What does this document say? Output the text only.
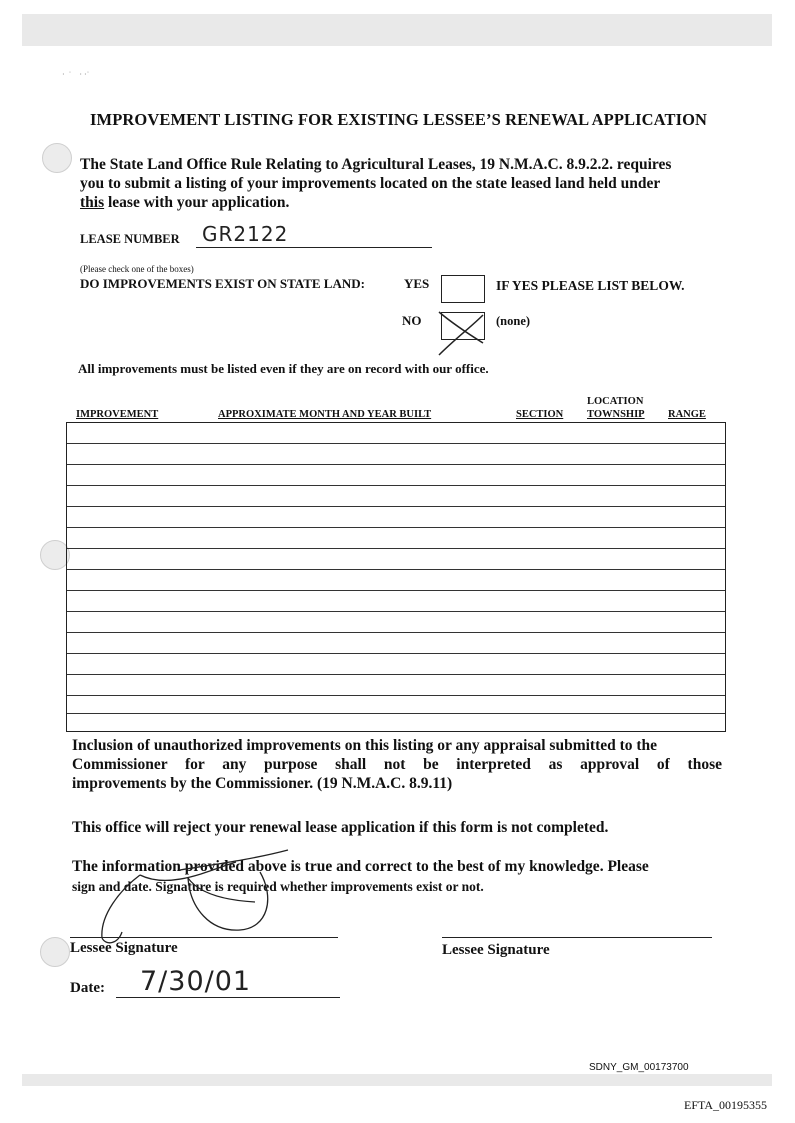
·  ˙    · ·˙
IMPROVEMENT LISTING FOR EXISTING LESSEE’S RENEWAL APPLICATION
The State Land Office Rule Relating to Agricultural Leases, 19 N.M.A.C. 8.9.2.2. requires
you to submit a listing of your improvements located on the state leased land held under
this lease with your application.
LEASE NUMBER GR2122
(Please check one of the boxes)
DO IMPROVEMENTS EXIST ON STATE LAND:	YES	IF YES PLEASE LIST BELOW.
NO	(none)
All improvements must be listed even if they are on record with our office.
LOCATION
IMPROVEMENT	APPROXIMATE MONTH AND YEAR BUILT	SECTION TOWNSHIP RANGE
Inclusion of unauthorized improvements on this listing or any appraisal submitted to the
Commissioner for any purpose shall not be interpreted as approval of those
improvements by the Commissioner. (19 N.M.A.C. 8.9.11)
This office will reject your renewal lease application if this form is not completed.
The information provided above is true and correct to the best of my knowledge. Please
sign and date. Signature is required whether improvements exist or not.
Lessee Signature	Lessee Signature
Date: 7/30/01
SDNY_GM_00173700
EFTA_00195355
